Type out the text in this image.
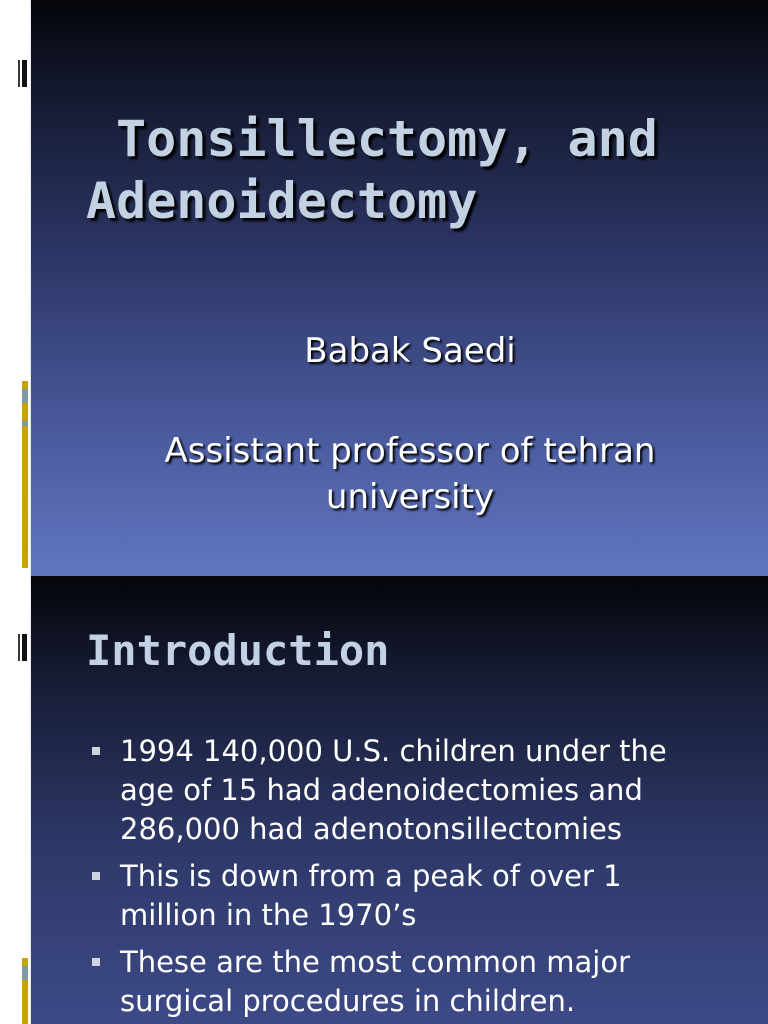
Tonsillectomy, and
Adenoidectomy

Babak Saedi

Assistant professor of tehran
university

Introduction
1994 140,000 U.S. children under the
age of 15 had adenoidectomies and
286,000 had adenotonsillectomies
This is down from a peak of over 1
million in the 1970’s
These are the most common major
surgical procedures in children.
